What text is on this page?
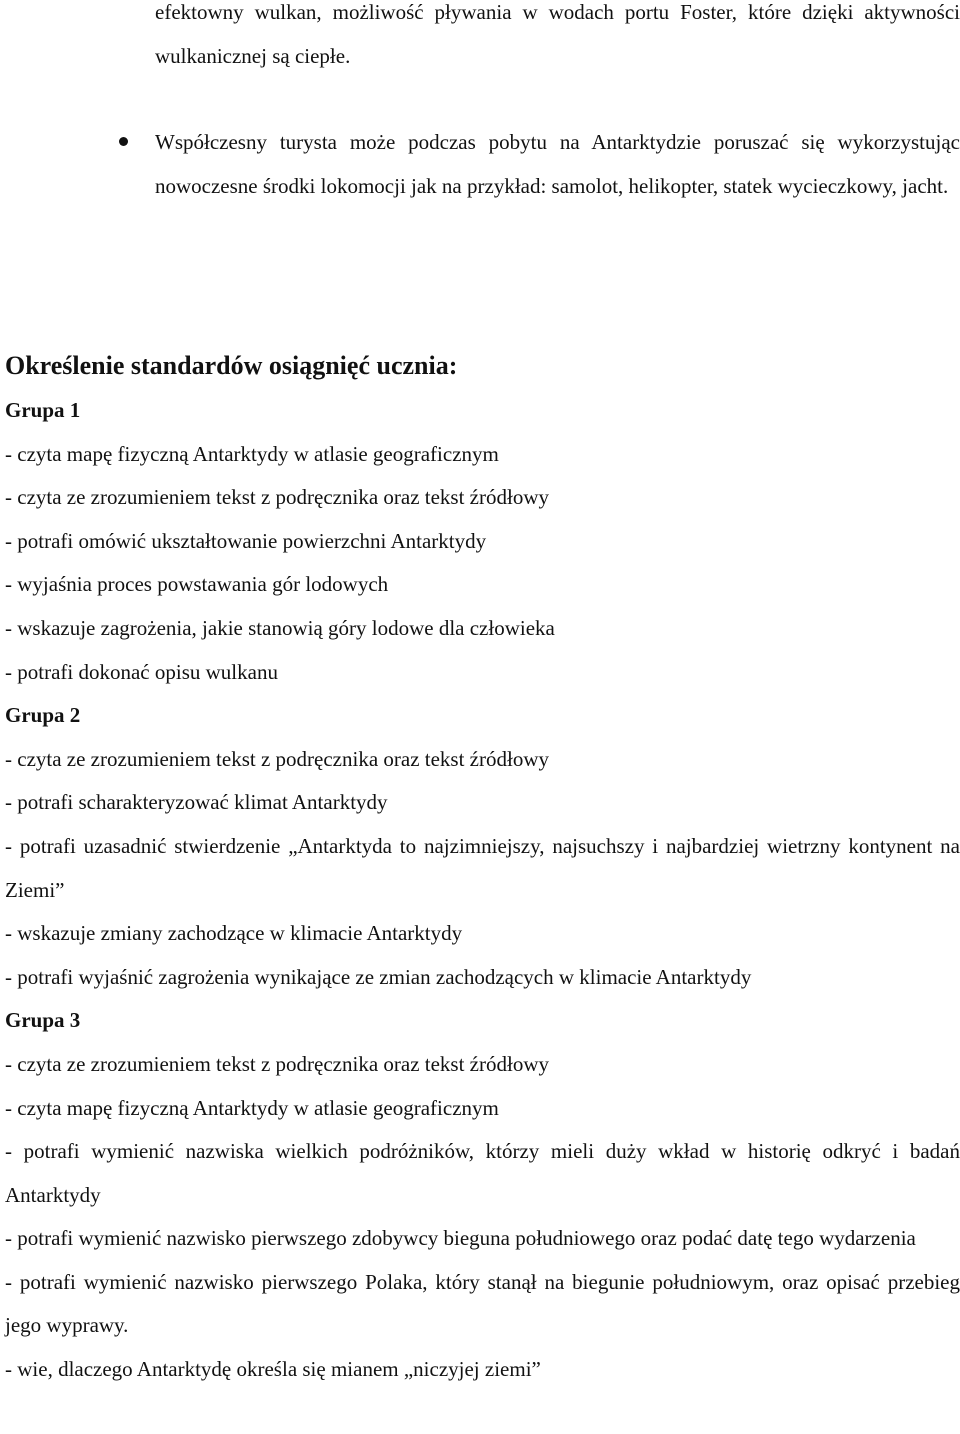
efektowny wulkan, możliwość pływania w wodach portu Foster, które dzięki aktywności wulkanicznej są ciepłe.

Współczesny turysta może podczas pobytu na Antarktydzie poruszać się wykorzystując nowoczesne środki lokomocji jak na przykład: samolot, helikopter, statek wycieczkowy, jacht.

Określenie standardów osiągnięć ucznia:

Grupa 1

- czyta mapę fizyczną Antarktydy w atlasie geograficznym

- czyta ze zrozumieniem tekst z podręcznika oraz tekst źródłowy

- potrafi omówić ukształtowanie powierzchni Antarktydy

- wyjaśnia proces powstawania gór lodowych

- wskazuje zagrożenia, jakie stanowią góry lodowe dla człowieka

- potrafi dokonać opisu wulkanu

Grupa 2

- czyta ze zrozumieniem tekst z podręcznika oraz tekst źródłowy

- potrafi scharakteryzować klimat Antarktydy

- potrafi uzasadnić stwierdzenie „Antarktyda to najzimniejszy, najsuchszy i najbardziej wietrzny kontynent na Ziemi”

- wskazuje zmiany zachodzące w klimacie Antarktydy

- potrafi wyjaśnić zagrożenia wynikające ze zmian zachodzących w klimacie Antarktydy

Grupa 3

- czyta ze zrozumieniem tekst z podręcznika oraz tekst źródłowy

- czyta mapę fizyczną Antarktydy w atlasie geograficznym

- potrafi wymienić nazwiska wielkich podróżników, którzy mieli duży wkład w historię odkryć i badań Antarktydy

- potrafi wymienić nazwisko pierwszego zdobywcy bieguna południowego oraz podać datę tego wydarzenia

- potrafi wymienić nazwisko pierwszego Polaka, który stanął na biegunie południowym, oraz opisać przebieg jego wyprawy.

- wie, dlaczego Antarktydę określa się mianem „niczyjej ziemi”
